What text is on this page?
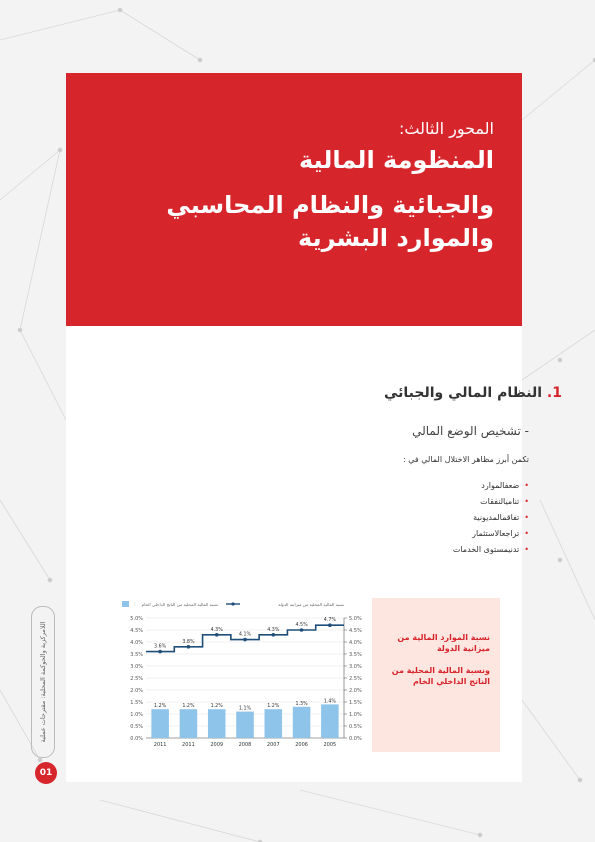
المحور الثالث:
المنظومة المالية
والجبائية والنظام المحاسبي
والموارد البشرية
1. النظام المالي والجبائي
- تشخيص الوضع المالي
تكمن أبرز مظاهر الاختلال المالي في :
•ضعفالموارد
•تناميالنفقات
•تفاقمالمديونية
•تراجعالاستثمار
•تدنيمستوى الخدمات
نسبة الموارد المالية من ميزانية الدولة
ونسبة المالية المحلية من الناتج الداخلي الخام
0.0%	0.0%
0.5%	0.5%
1.0%	1.0%
1.5%	1.5%
2.0%	2.0%
2.5%	2.5%
3.0%	3.0%
3.5%	3.5%
4.0%	4.0%
4.5%	4.5%
5.0%	5.0%
1.2%
2011
1.2%
2011
1.2%
2009
1.1%
2008
1.2%
2007
1.3%
2006
1.4%
2005
3.6%
3.8%
4.3%
4.1%
4.3%
4.5%
4.7%
نسبة المالية المحلية من الناتج الداخلي الخام	نسبة المالية المحلية من ميزانية الدولة
اللامركزية والحوكمة المحلية: مقترحات عملية
01
